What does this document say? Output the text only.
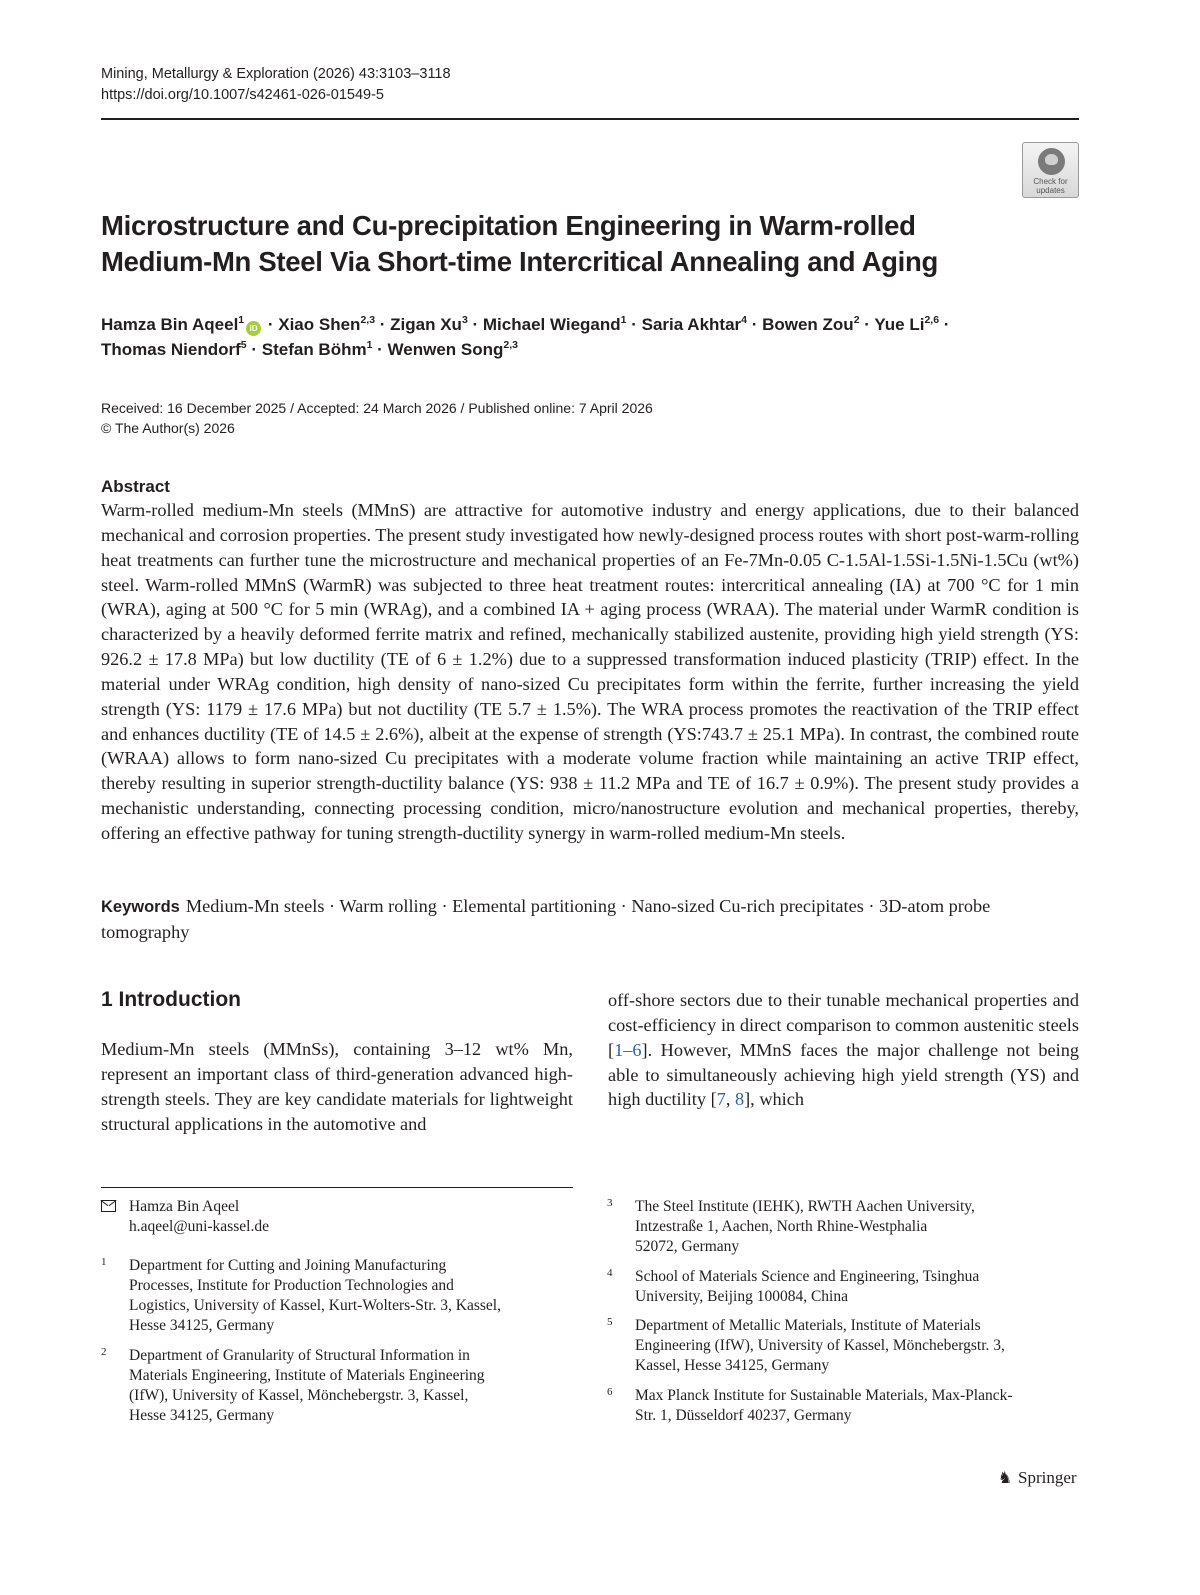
Mining, Metallurgy & Exploration (2026) 43:3103–3118
https://doi.org/10.1007/s42461-026-01549-5
Check for
updates
Microstructure and Cu-precipitation Engineering in Warm-rolled
Medium-Mn Steel Via Short-time Intercritical Annealing and Aging
Hamza Bin Aqeel$^1$iD · Xiao Shen$^{2,3}$ · Zigan $Xu^3$ · Michael Wiegand$^1$ · Saria Akhtar$^4$ · Bowen Zou$^2$ · Yue Li$^{2,6}$ ·
Thomas Niendorf$^5$ · Stefan Böhm$^1$ · Wenwen Song$^{2,3}$
Received: 16 December 2025 / Accepted: 24 March 2026 / Published online: 7 April 2026
© The Author(s) 2026
Abstract

Warm-rolled medium-Mn steels (MMnS) are attractive for automotive industry and energy applications, due to their balanced mechanical and corrosion properties. The present study investigated how newly-designed process routes with short post-warm-rolling heat treatments can further tune the microstructure and mechanical properties of an Fe-7Mn-0.05 C-1.5Al-1.5Si-1.5Ni-1.5Cu (wt%) steel. Warm-rolled MMnS (WarmR) was subjected to three heat treatment routes: intercritical annealing (IA) at 700 °C for 1 min (WRA), aging at 500 °C for 5 min (WRAg), and a combined IA + aging process (WRAA). The material under WarmR condition is characterized by a heavily deformed ferrite matrix and refined, mechanically stabilized austenite, providing high yield strength (YS: 926.2 ± 17.8 MPa) but low ductility (TE of 6 ± 1.2%) due to a suppressed transformation induced plasticity (TRIP) effect. In the material under WRAg condition, high density of nano-sized Cu precipitates form within the ferrite, further increasing the yield strength (YS: 1179 ± 17.6 MPa) but not ductility (TE 5.7 ± 1.5%). The WRA process promotes the reactivation of the TRIP effect and enhances ductility (TE of 14.5 ± 2.6%), albeit at the expense of strength (YS:743.7 ± 25.1 MPa). In contrast, the combined route (WRAA) allows to form nano-sized Cu precipitates with a moderate volume fraction while maintaining an active TRIP effect, thereby resulting in superior strength-ductility balance (YS: 938 ± 11.2 MPa and TE of 16.7 ± 0.9%). The present study provides a mechanistic understanding, connecting processing condition, micro/nanostructure evolution and mechanical properties, thereby, offering an effective pathway for tuning strength-ductility synergy in warm-rolled medium-Mn steels.

Keywords Medium-Mn steels · Warm rolling · Elemental partitioning · Nano-sized Cu-rich precipitates · 3D-atom probe tomography
1 Introduction

Medium-Mn steels (MMnSs), containing 3–12 wt% Mn, represent an important class of third-generation advanced high-strength steels. They are key candidate materials for lightweight structural applications in the automotive and

off-shore sectors due to their tunable mechanical properties and cost-efficiency in direct comparison to common austenitic steels [1–6]. However, MMnS faces the major challenge not being able to simultaneously achieving high yield strength (YS) and high ductility [7, 8], which

Hamza Bin Aqeel
h.aqeel@uni-kassel.de
1 Department for Cutting and Joining Manufacturing
Processes, Institute for Production Technologies and
Logistics, University of Kassel, Kurt-Wolters-Str. 3, Kassel,
Hesse 34125, Germany
2 Department of Granularity of Structural Information in
Materials Engineering, Institute of Materials Engineering
(IfW), University of Kassel, Mönchebergstr. 3, Kassel,
Hesse 34125, Germany
3 The Steel Institute (IEHK), RWTH Aachen University,
Intzestraße 1, Aachen, North Rhine-Westphalia
52072, Germany
4 School of Materials Science and Engineering, Tsinghua
University, Beijing 100084, China
5 Department of Metallic Materials, Institute of Materials
Engineering (IfW), University of Kassel, Mönchebergstr. 3,
Kassel, Hesse 34125, Germany
6 Max Planck Institute for Sustainable Materials, Max-Planck-
Str. 1, Düsseldorf 40237, Germany
♞ Springer
